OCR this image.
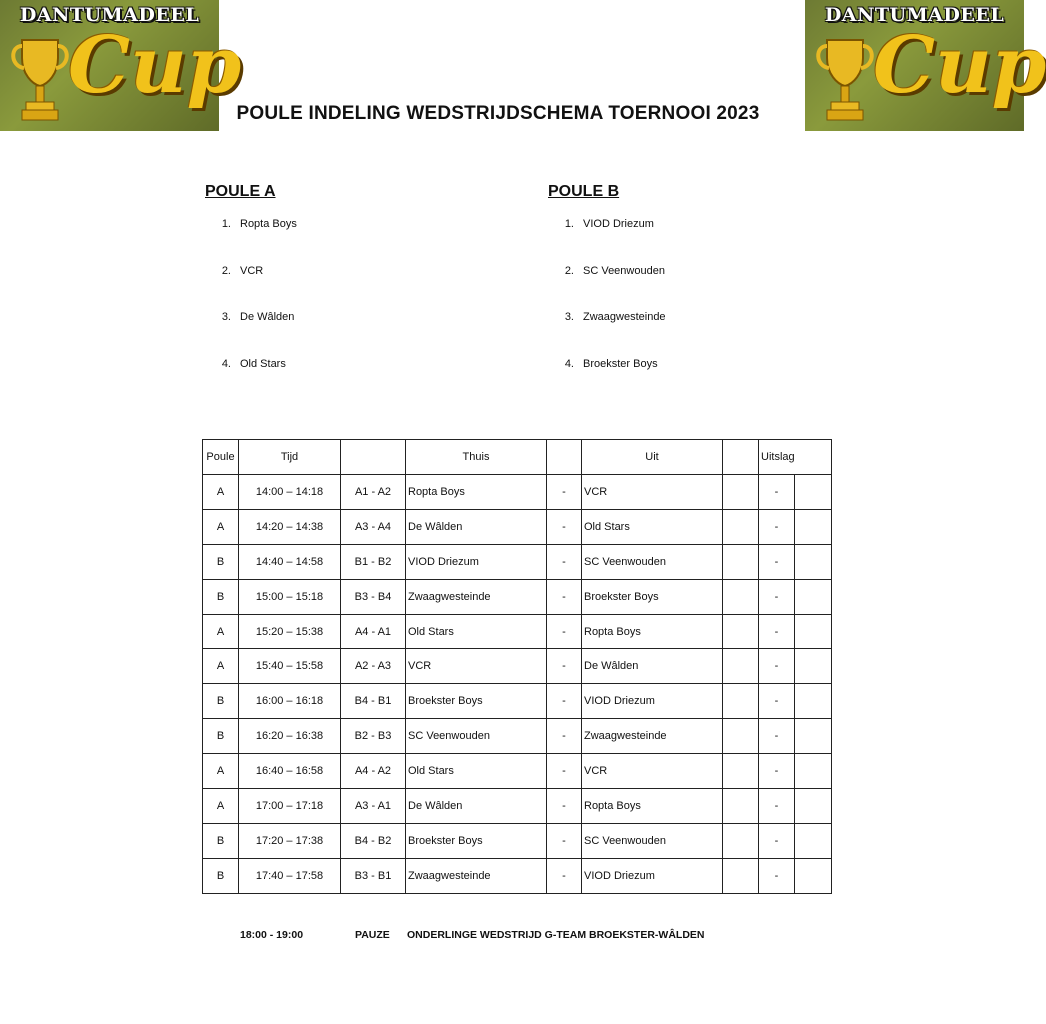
DANTUMADEEL
Cup
DANTUMADEEL
Cup
POULE INDELING WEDSTRIJDSCHEMA TOERNOOI 2023
POULE A
1. Ropta Boys
2. VCR
3. De Wâlden
4. Old Stars
POULE B
1. VIOD Driezum
2. SC Veenwouden
3. Zwaagwesteinde
4. Broekster Boys
Poule	Tijd		Thuis		Uit		Uitslag	
A	14:00 – 14:18	A1 - A2	Ropta Boys	-	VCR		-	
A	14:20 – 14:38	A3 - A4	De Wâlden	-	Old Stars		-	
B	14:40 – 14:58	B1 - B2	VIOD Driezum	-	SC Veenwouden		-	
B	15:00 – 15:18	B3 - B4	Zwaagwesteinde	-	Broekster Boys		-	
A	15:20 – 15:38	A4 - A1	Old Stars	-	Ropta Boys		-	
A	15:40 – 15:58	A2 - A3	VCR	-	De Wâlden		-	
B	16:00 – 16:18	B4 - B1	Broekster Boys	-	VIOD Driezum		-	
B	16:20 – 16:38	B2 - B3	SC Veenwouden	-	Zwaagwesteinde		-	
A	16:40 – 16:58	A4 - A2	Old Stars	-	VCR		-	
A	17:00 – 17:18	A3 - A1	De Wâlden	-	Ropta Boys		-	
B	17:20 – 17:38	B4 - B2	Broekster Boys	-	SC Veenwouden		-	
B	17:40 – 17:58	B3 - B1	Zwaagwesteinde	-	VIOD Driezum		-	
18:00 - 19:00	PAUZE ONDERLINGE WEDSTRIJD G-TEAM BROEKSTER-WÂLDEN
